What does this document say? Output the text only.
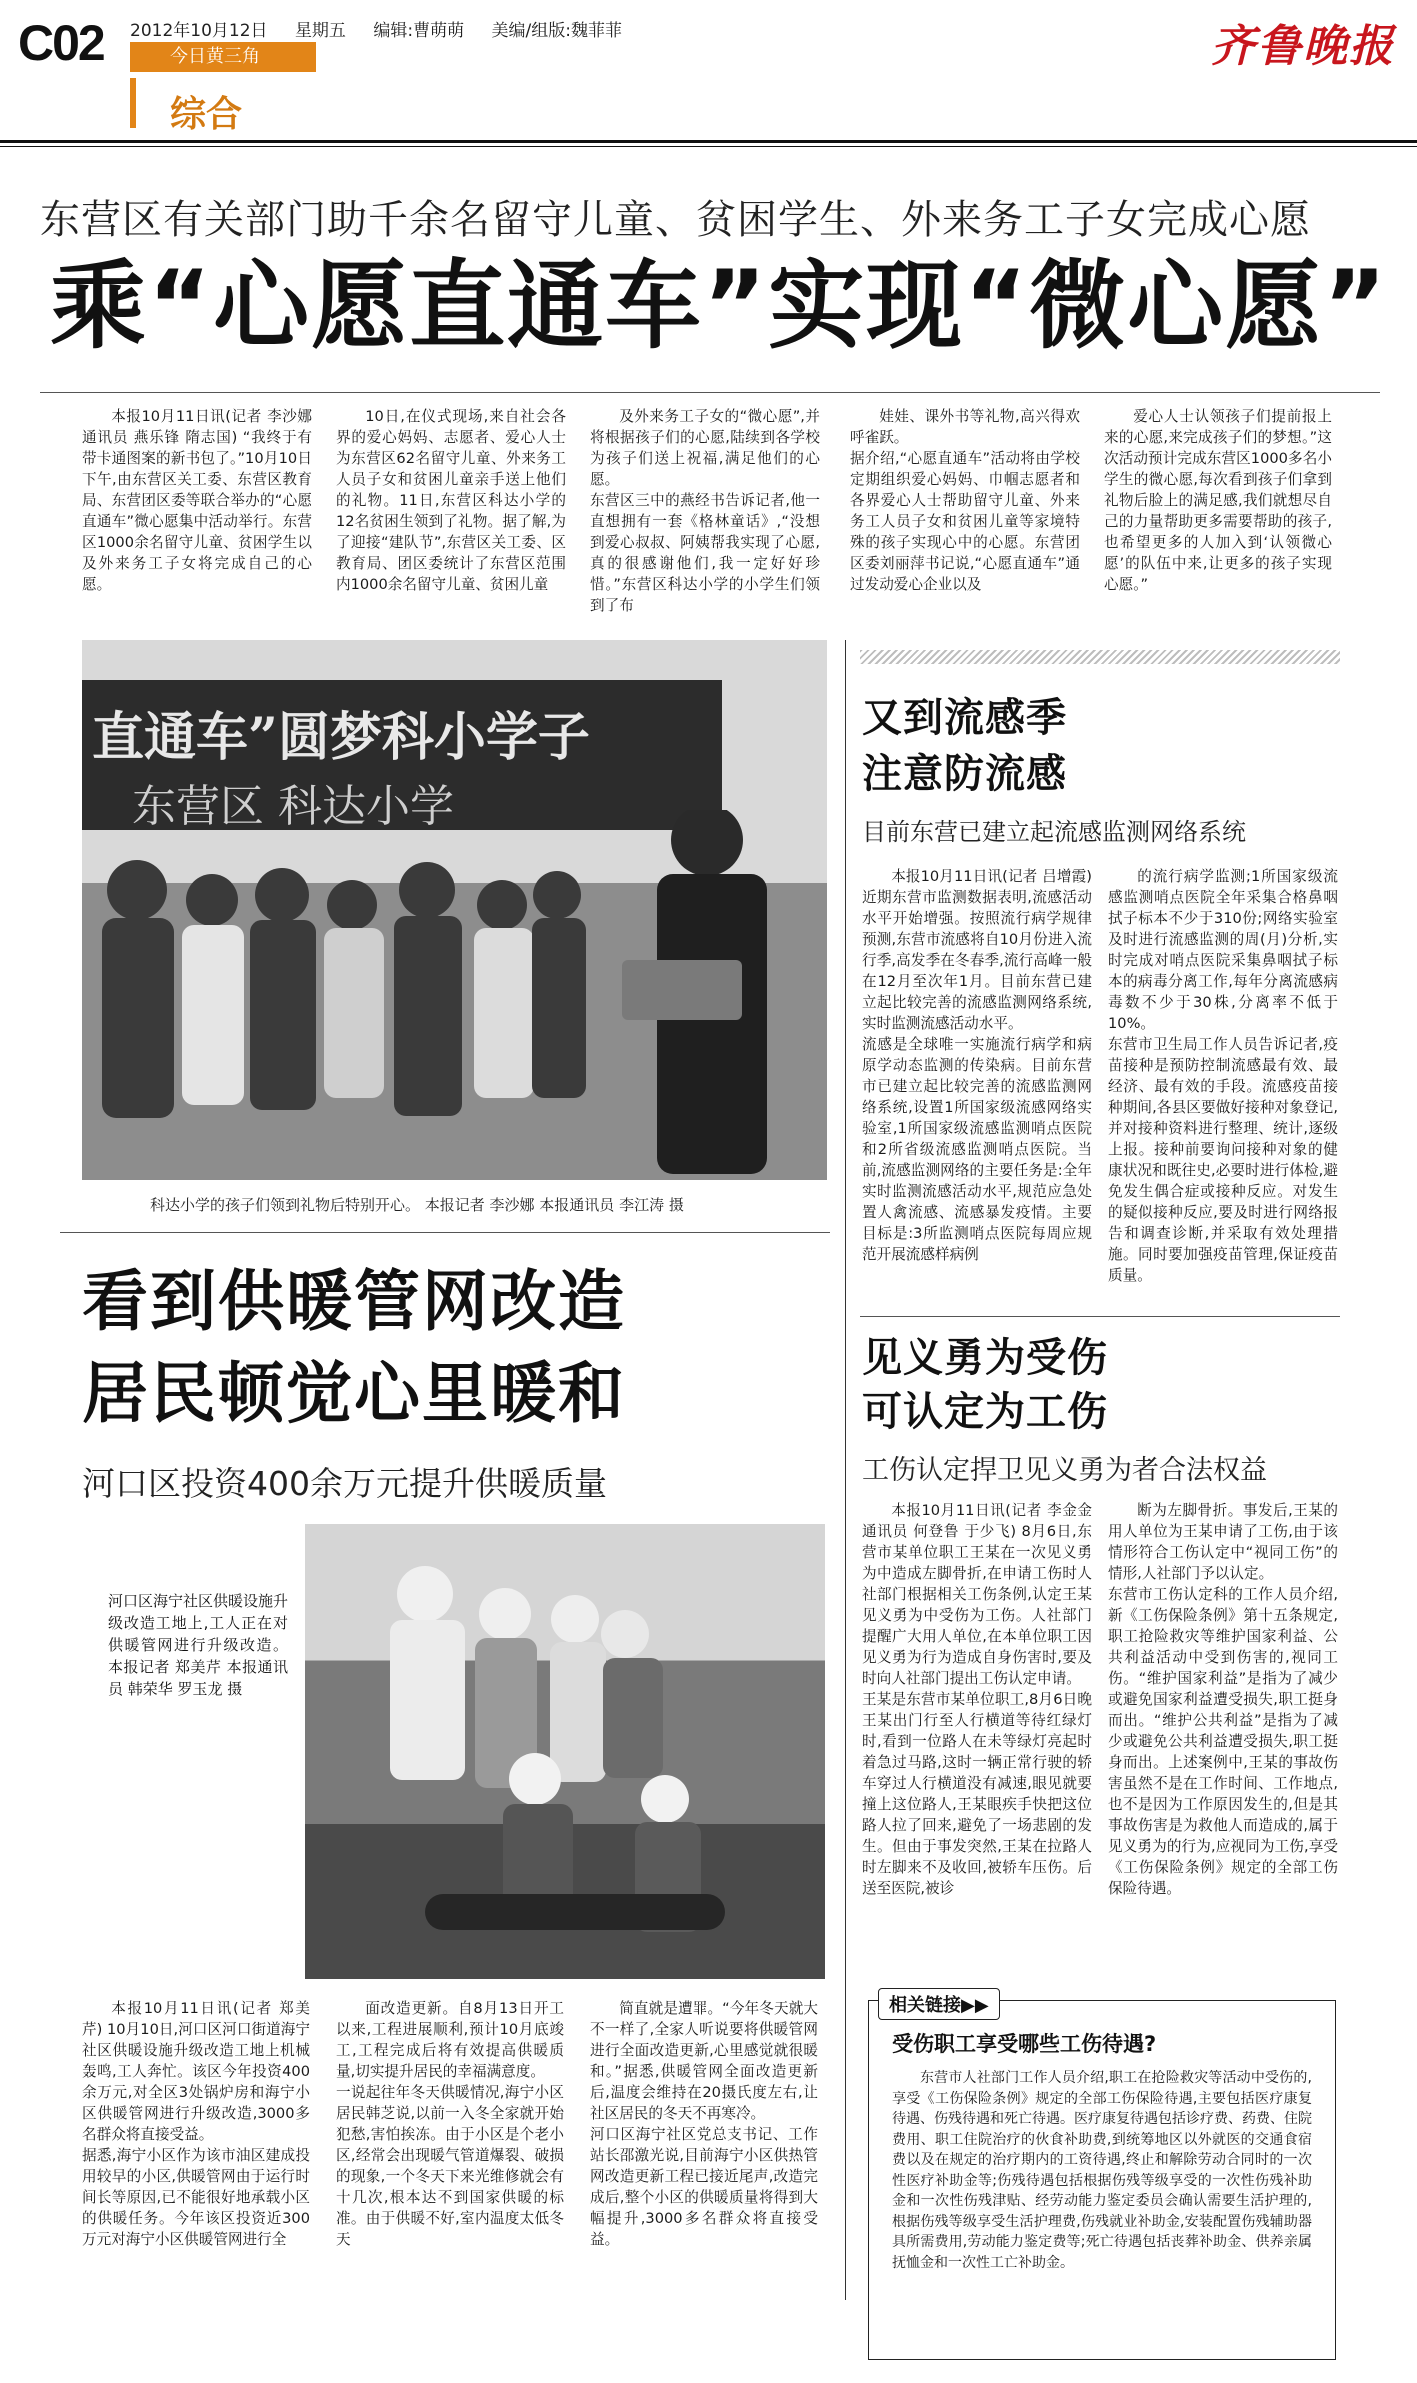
C02 2012年10月12日 星期五 编辑:曹萌萌 美编/组版:魏菲菲
今日黄三角
综合
齐鲁晚报
东营区有关部门助千余名留守儿童、贫困学生、外来务工子女完成心愿
乘“心愿直通车”实现“微心愿”
本报10月11日讯(记者 李沙娜 通讯员 燕乐锋 隋志国) “我终于有带卡通图案的新书包了。”10月10日下午,由东营区关工委、东营区教育局、东营团区委等联合举办的“心愿直通车”微心愿集中活动举行。东营区1000余名留守儿童、贫困学生以及外来务工子女将完成自己的心愿。
10日,在仪式现场,来自社会各界的爱心妈妈、志愿者、爱心人士为东营区62名留守儿童、外来务工人员子女和贫困儿童亲手送上他们的礼物。11日,东营区科达小学的12名贫困生领到了礼物。据了解,为了迎接“建队节”,东营区关工委、区教育局、团区委统计了东营区范围内1000余名留守儿童、贫困儿童
及外来务工子女的“微心愿”,并将根据孩子们的心愿,陆续到各学校为孩子们送上祝福,满足他们的心愿。
东营区三中的燕经书告诉记者,他一直想拥有一套《格林童话》,“没想到爱心叔叔、阿姨帮我实现了心愿,真的很感谢他们,我一定好好珍惜。”东营区科达小学的小学生们领到了布
娃娃、课外书等礼物,高兴得欢呼雀跃。
据介绍,“心愿直通车”活动将由学校定期组织爱心妈妈、巾帼志愿者和各界爱心人士帮助留守儿童、外来务工人员子女和贫困儿童等家境特殊的孩子实现心中的心愿。东营团区委刘丽萍书记说,“心愿直通车”通过发动爱心企业以及
爱心人士认领孩子们提前报上来的心愿,来完成孩子们的梦想。”这次活动预计完成东营区1000多名小学生的微心愿,每次看到孩子们拿到礼物后脸上的满足感,我们就想尽自己的力量帮助更多需要帮助的孩子,也希望更多的人加入到‘认领微心愿’的队伍中来,让更多的孩子实现心愿。”
直通车”圆梦科小学子
东营区 科达小学
科达小学的孩子们领到礼物后特别开心。 本报记者 李沙娜 本报通讯员 李江涛 摄
又到流感季
注意防流感
目前东营已建立起流感监测网络系统
本报10月11日讯(记者 吕增霞) 近期东营市监测数据表明,流感活动水平开始增强。按照流行病学规律预测,东营市流感将自10月份进入流行季,高发季在冬春季,流行高峰一般在12月至次年1月。目前东营已建立起比较完善的流感监测网络系统,实时监测流感活动水平。
流感是全球唯一实施流行病学和病原学动态监测的传染病。目前东营市已建立起比较完善的流感监测网络系统,设置1所国家级流感网络实验室,1所国家级流感监测哨点医院和2所省级流感监测哨点医院。当前,流感监测网络的主要任务是:全年实时监测流感活动水平,规范应急处置人禽流感、流感暴发疫情。主要目标是:3所监测哨点医院每周应规范开展流感样病例
的流行病学监测;1所国家级流感监测哨点医院全年采集合格鼻咽拭子标本不少于310份;网络实验室及时进行流感监测的周(月)分析,实时完成对哨点医院采集鼻咽拭子标本的病毒分离工作,每年分离流感病毒数不少于30株,分离率不低于10%。
东营市卫生局工作人员告诉记者,疫苗接种是预防控制流感最有效、最经济、最有效的手段。流感疫苗接种期间,各县区要做好接种对象登记,并对接种资料进行整理、统计,逐级上报。接种前要询问接种对象的健康状况和既往史,必要时进行体检,避免发生偶合症或接种反应。对发生的疑似接种反应,要及时进行网络报告和调查诊断,并采取有效处理措施。同时要加强疫苗管理,保证疫苗质量。
看到供暖管网改造
居民顿觉心里暖和
河口区投资400余万元提升供暖质量
河口区海宁社区供暖设施升级改造工地上,工人正在对供暖管网进行升级改造。 本报记者 郑美芹 本报通讯员 韩荣华 罗玉龙 摄
本报10月11日讯(记者 郑美芹) 10月10日,河口区河口街道海宁社区供暖设施升级改造工地上机械轰鸣,工人奔忙。该区今年投资400余万元,对全区3处锅炉房和海宁小区供暖管网进行升级改造,3000多名群众将直接受益。
据悉,海宁小区作为该市油区建成投用较早的小区,供暖管网由于运行时间长等原因,已不能很好地承载小区的供暖任务。今年该区投资近300万元对海宁小区供暖管网进行全
面改造更新。自8月13日开工以来,工程进展顺利,预计10月底竣工,工程完成后将有效提高供暖质量,切实提升居民的幸福满意度。
一说起往年冬天供暖情况,海宁小区居民韩芝说,以前一入冬全家就开始犯愁,害怕挨冻。由于小区是个老小区,经常会出现暖气管道爆裂、破损的现象,一个冬天下来光维修就会有十几次,根本达不到国家供暖的标准。由于供暖不好,室内温度太低冬天
简直就是遭罪。“今年冬天就大不一样了,全家人听说要将供暖管网进行全面改造更新,心里感觉就很暖和。”据悉,供暖管网全面改造更新后,温度会维持在20摄氏度左右,让社区居民的冬天不再寒冷。
河口区海宁社区党总支书记、工作站长邵激光说,目前海宁小区供热管网改造更新工程已接近尾声,改造完成后,整个小区的供暖质量将得到大幅提升,3000多名群众将直接受益。
见义勇为受伤
可认定为工伤
工伤认定捍卫见义勇为者合法权益
本报10月11日讯(记者 李金金 通讯员 何登鲁 于少飞) 8月6日,东营市某单位职工王某在一次见义勇为中造成左脚骨折,在申请工伤时人社部门根据相关工伤条例,认定王某见义勇为中受伤为工伤。人社部门提醒广大用人单位,在本单位职工因见义勇为行为造成自身伤害时,要及时向人社部门提出工伤认定申请。
王某是东营市某单位职工,8月6日晚王某出门行至人行横道等待红绿灯时,看到一位路人在未等绿灯亮起时着急过马路,这时一辆正常行驶的轿车穿过人行横道没有减速,眼见就要撞上这位路人,王某眼疾手快把这位路人拉了回来,避免了一场悲剧的发生。但由于事发突然,王某在拉路人时左脚来不及收回,被轿车压伤。后送至医院,被诊
断为左脚骨折。事发后,王某的用人单位为王某申请了工伤,由于该情形符合工伤认定中“视同工伤”的情形,人社部门予以认定。
东营市工伤认定科的工作人员介绍,新《工伤保险条例》第十五条规定,职工抢险救灾等维护国家利益、公共利益活动中受到伤害的,视同工伤。“维护国家利益”是指为了减少或避免国家利益遭受损失,职工挺身而出。“维护公共利益”是指为了减少或避免公共利益遭受损失,职工挺身而出。上述案例中,王某的事故伤害虽然不是在工作时间、工作地点,也不是因为工作原因发生的,但是其事故伤害是为救他人而造成的,属于见义勇为的行为,应视同为工伤,享受《工伤保险条例》规定的全部工伤保险待遇。
相关链接▶▶
受伤职工享受哪些工伤待遇?
东营市人社部门工作人员介绍,职工在抢险救灾等活动中受伤的,享受《工伤保险条例》规定的全部工伤保险待遇,主要包括医疗康复待遇、伤残待遇和死亡待遇。医疗康复待遇包括诊疗费、药费、住院费用、职工住院治疗的伙食补助费,到统筹地区以外就医的交通食宿费以及在规定的治疗期内的工资待遇,终止和解除劳动合同时的一次性医疗补助金等;伤残待遇包括根据伤残等级享受的一次性伤残补助金和一次性伤残津贴、经劳动能力鉴定委员会确认需要生活护理的,根据伤残等级享受生活护理费,伤残就业补助金,安装配置伤残辅助器具所需费用,劳动能力鉴定费等;死亡待遇包括丧葬补助金、供养亲属抚恤金和一次性工亡补助金。
